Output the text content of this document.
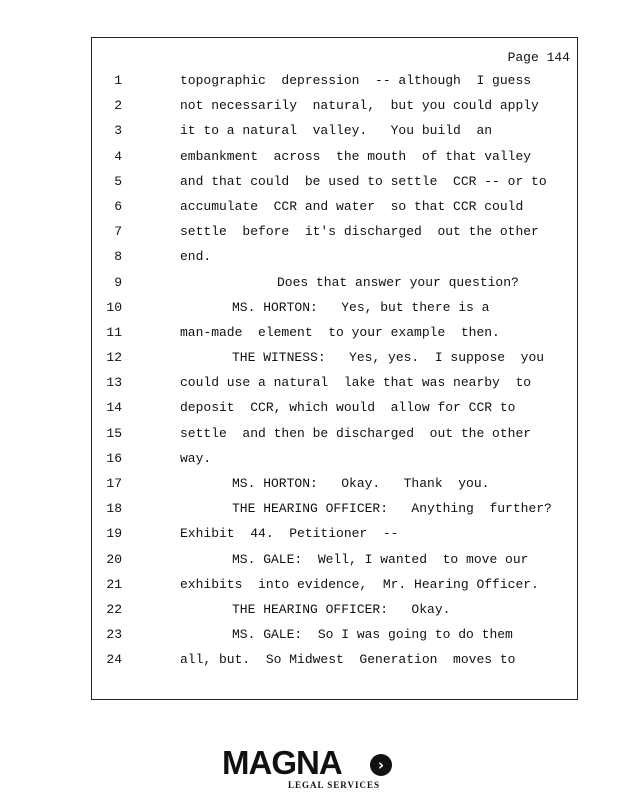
Page 144
1	topographic  depression  -- although  I guess
2	not necessarily  natural,  but you could apply
3	it to a natural  valley.   You build  an
4	embankment  across  the mouth  of that valley
5	and that could  be used to settle  CCR -- or to
6	accumulate  CCR and water  so that CCR could
7	settle  before  it's discharged  out the other
8	end.
9	Does that answer your question?
10	MS. HORTON:   Yes, but there is a
11	man-made  element  to your example  then.
12	THE WITNESS:   Yes, yes.  I suppose  you
13	could use a natural  lake that was nearby  to
14	deposit  CCR, which would  allow for CCR to
15	settle  and then be discharged  out the other
16	way.
17	MS. HORTON:   Okay.   Thank  you.
18	THE HEARING OFFICER:   Anything  further?
19	Exhibit  44.  Petitioner  --
20	MS. GALE:  Well, I wanted  to move our
21	exhibits  into evidence,  Mr. Hearing Officer.
22	THE HEARING OFFICER:   Okay.
23	MS. GALE:  So I was going to do them
24	all, but.  So Midwest  Generation  moves to
MAGNA	›
LEGAL SERVICES
